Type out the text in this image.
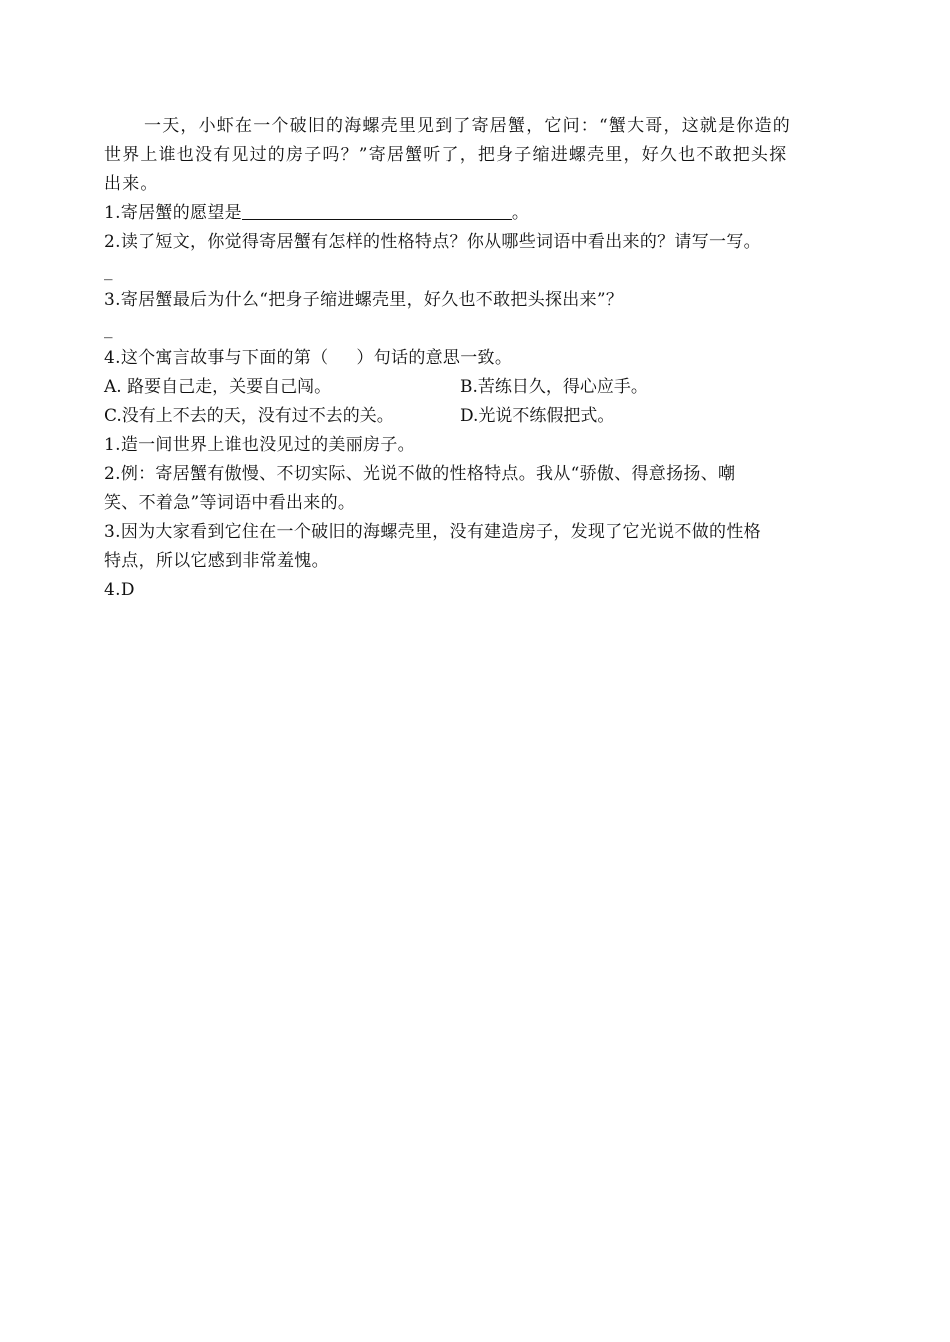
一天，小虾在一个破旧的海螺壳里见到了寄居蟹，它问：“蟹大哥，这就是你造的
世界上谁也没有见过的房子吗？”寄居蟹听了，把身子缩进螺壳里，好久也不敢把头探
出来。
1.寄居蟹的愿望是	。
2.读了短文，你觉得寄居蟹有怎样的性格特点？你从哪些词语中看出来的？请写一写。
_
3.寄居蟹最后为什么“把身子缩进螺壳里，好久也不敢把头探出来”？
_
4.这个寓言故事与下面的第（ ）句话的意思一致。
A. 路要自己走，关要自己闯。	B.苦练日久，得心应手。
C.没有上不去的天，没有过不去的关。	D.光说不练假把式。
1.造一间世界上谁也没见过的美丽房子。
2.例：寄居蟹有傲慢、不切实际、光说不做的性格特点。我从“骄傲、得意扬扬、嘲
笑、不着急”等词语中看出来的。
3.因为大家看到它住在一个破旧的海螺壳里，没有建造房子，发现了它光说不做的性格
特点，所以它感到非常羞愧。
4.D
